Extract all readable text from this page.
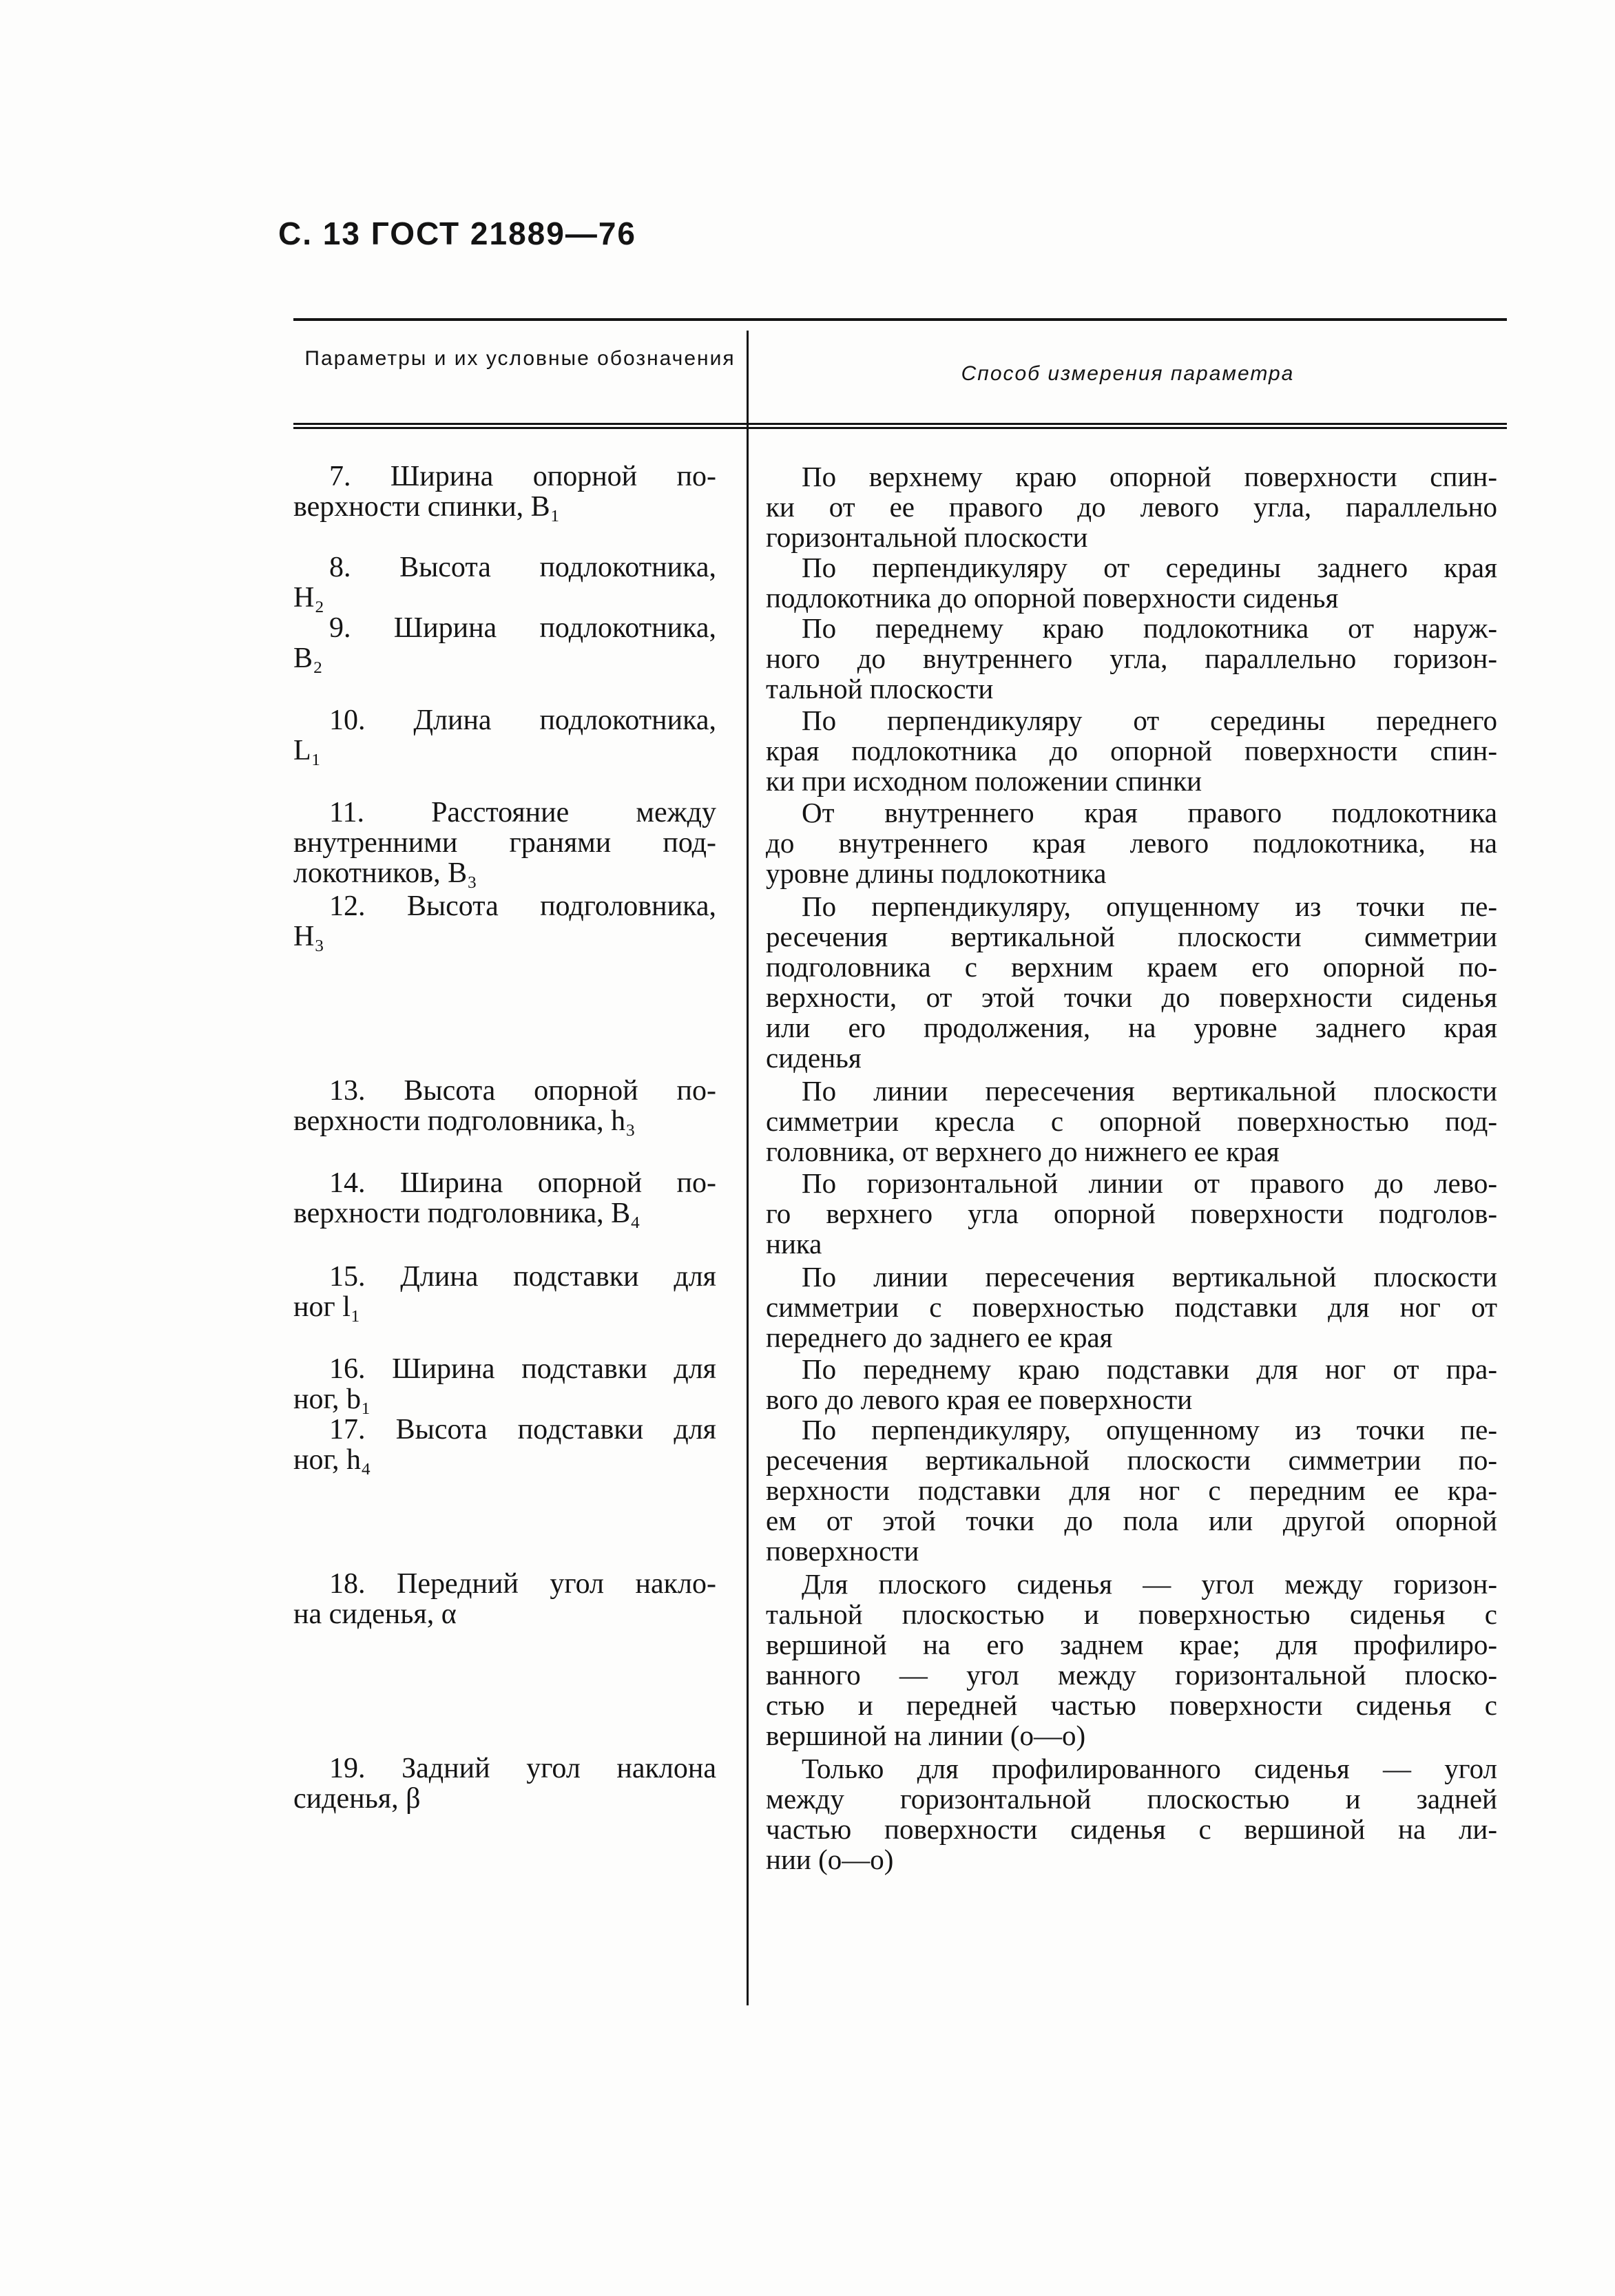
С. 13 ГОСТ 21889—76
Параметры и их условные обозначения
Способ измерения параметра
7. Ширина опорной по-
верхности спинки, B₁
По верхнему краю опорной поверхности спин-
ки от ее правого до левого угла, параллельно
горизонтальной плоскости
8. Высота подлокотника,
H₂
По перпендикуляру от середины заднего края
подлокотника до опорной поверхности сиденья
9. Ширина подлокотника,
B₂
По переднему краю подлокотника от наруж-
ного до внутреннего угла, параллельно горизон-
тальной плоскости
10. Длина подлокотника,
L₁
По перпендикуляру от середины переднего
края подлокотника до опорной поверхности спин-
ки при исходном положении спинки
11. Расстояние между
внутренними гранями под-
локотников, B₃
От внутреннего края правого подлокотника
до внутреннего края левого подлокотника, на
уровне длины подлокотника
12. Высота подголовника,
H₃
По перпендикуляру, опущенному из точки пе-
ресечения вертикальной плоскости симметрии
подголовника с верхним краем его опорной по-
верхности, от этой точки до поверхности сиденья
или его продолжения, на уровне заднего края
сиденья
13. Высота опорной по-
верхности подголовника, h₃
По линии пересечения вертикальной плоскости
симметрии кресла с опорной поверхностью под-
головника, от верхнего до нижнего ее края
14. Ширина опорной по-
верхности подголовника, B₄
По горизонтальной линии от правого до лево-
го верхнего угла опорной поверхности подголов-
ника
15. Длина подставки для
ног l₁
По линии пересечения вертикальной плоскости
симметрии с поверхностью подставки для ног от
переднего до заднего ее края
16. Ширина подставки для
ног, b₁
По переднему краю подставки для ног от пра-
вого до левого края ее поверхности
17. Высота подставки для
ног, h₄
По перпендикуляру, опущенному из точки пе-
ресечения вертикальной плоскости симметрии по-
верхности подставки для ног с передним ее кра-
ем от этой точки до пола или другой опорной
поверхности
18. Передний угол накло-
на сиденья, α
Для плоского сиденья — угол между горизон-
тальной плоскостью и поверхностью сиденья с
вершиной на его заднем крае; для профилиро-
ванного — угол между горизонтальной плоско-
стью и передней частью поверхности сиденья с
вершиной на линии (o—o)
19. Задний угол наклона
сиденья, β
Только для профилированного сиденья — угол
между горизонтальной плоскостью и задней
частью поверхности сиденья с вершиной на ли-
нии (o—o)
